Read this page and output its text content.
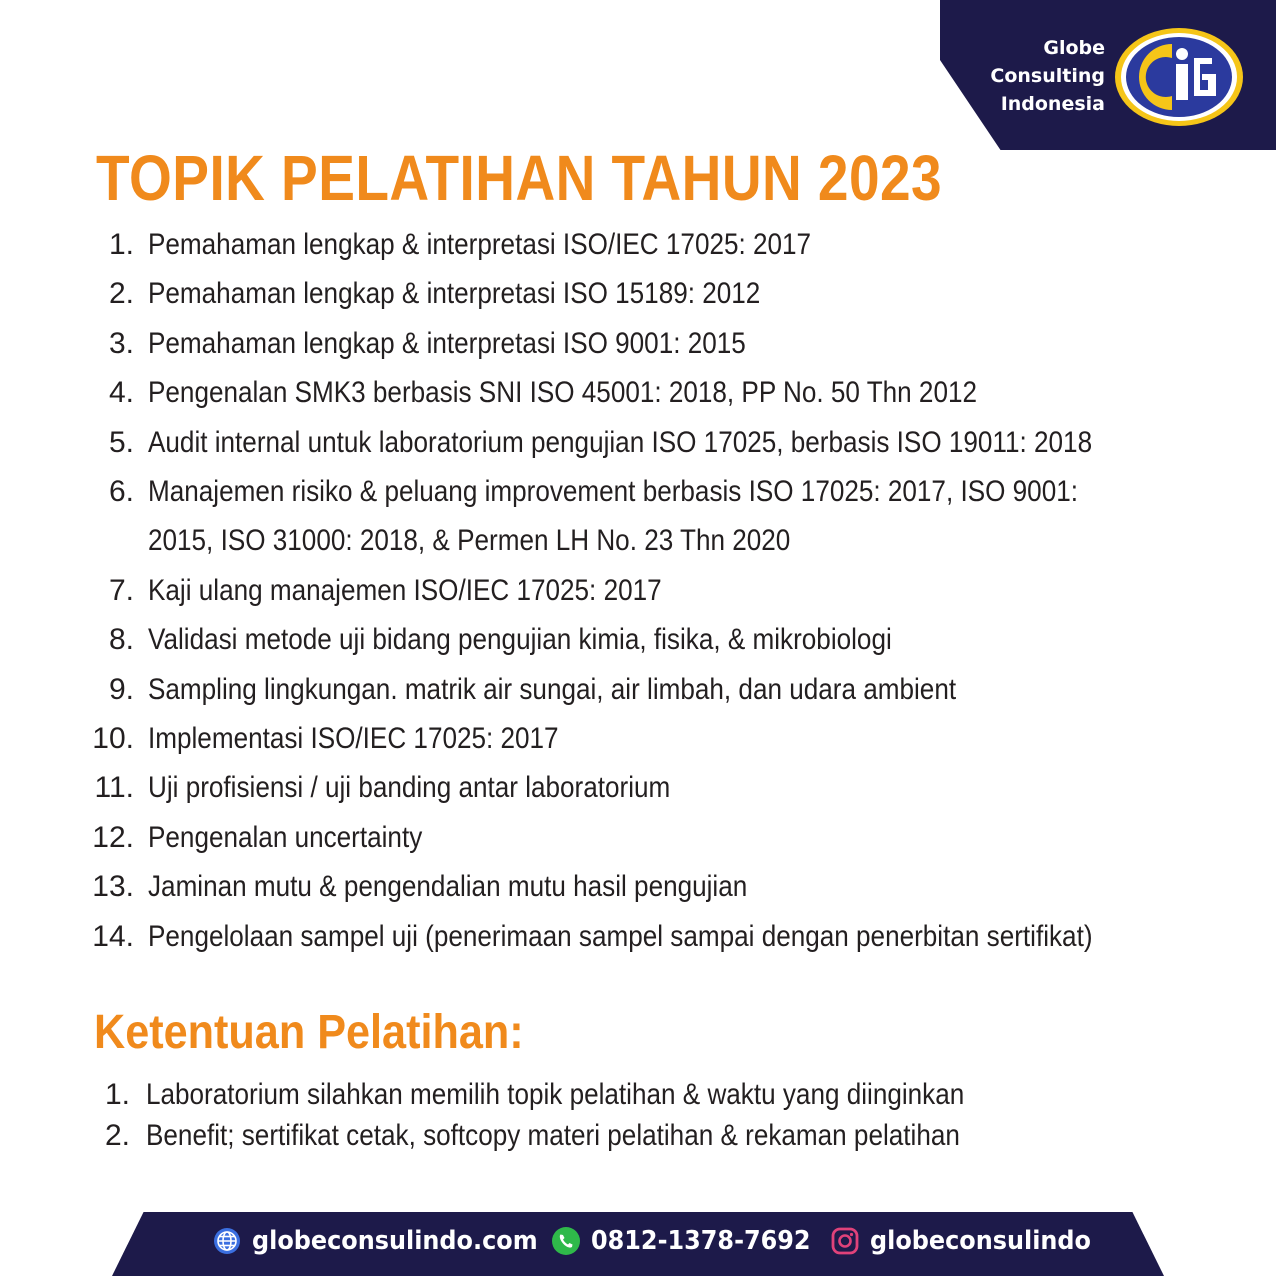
Globe
Consulting
Indonesia
TOPIK PELATIHAN TAHUN 2023
1. Pemahaman lengkap & interpretasi ISO/IEC 17025: 2017
2. Pemahaman lengkap & interpretasi ISO 15189: 2012
3. Pemahaman lengkap & interpretasi ISO 9001: 2015
4. Pengenalan SMK3 berbasis SNI ISO 45001: 2018, PP No. 50 Thn 2012
5. Audit internal untuk laboratorium pengujian ISO 17025, berbasis ISO 19011: 2018
6. Manajemen risiko & peluang improvement berbasis ISO 17025: 2017, ISO 9001: 2015, ISO 31000: 2018, & Permen LH No. 23 Thn 2020
7. Kaji ulang manajemen ISO/IEC 17025: 2017
8. Validasi metode uji bidang pengujian kimia, fisika, & mikrobiologi
9. Sampling lingkungan. matrik air sungai, air limbah, dan udara ambient
10. Implementasi ISO/IEC 17025: 2017
11. Uji profisiensi / uji banding antar laboratorium
12. Pengenalan uncertainty
13. Jaminan mutu & pengendalian mutu hasil pengujian
14. Pengelolaan sampel uji (penerimaan sampel sampai dengan penerbitan sertifikat)
Ketentuan Pelatihan:
1. Laboratorium silahkan memilih topik pelatihan & waktu yang diinginkan
2. Benefit; sertifikat cetak, softcopy materi pelatihan & rekaman pelatihan
globeconsulindo.com 0812-1378-7692 globeconsulindo
